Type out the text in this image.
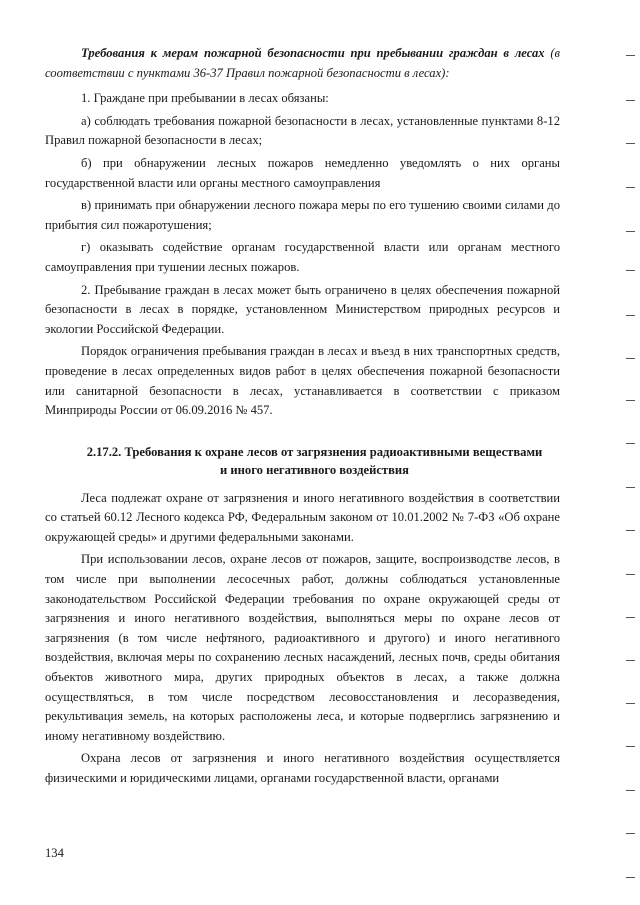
Требования к мерам пожарной безопасности при пребывании граждан в лесах (в соответствии с пунктами 36-37 Правил пожарной безопасности в лесах):

1. Граждане при пребывании в лесах обязаны:

а) соблюдать требования пожарной безопасности в лесах, установленные пунктами 8-12 Правил пожарной безопасности в лесах;

б) при обнаружении лесных пожаров немедленно уведомлять о них органы государственной власти или органы местного самоуправления

в) принимать при обнаружении лесного пожара меры по его тушению своими силами до прибытия сил пожаротушения;

г) оказывать содействие органам государственной власти или органам местного самоуправления при тушении лесных пожаров.

2. Пребывание граждан в лесах может быть ограничено в целях обеспечения пожарной безопасности в лесах в порядке, установленном Министерством природных ресурсов и экологии Российской Федерации.

Порядок ограничения пребывания граждан в лесах и въезд в них транспортных средств, проведение в лесах определенных видов работ в целях обеспечения пожарной безопасности или санитарной безопасности в лесах, устанавливается в соответствии с приказом Минприроды России от 06.09.2016 № 457.

2.17.2. Требования к охране лесов от загрязнения радиоактивными веществами
и иного негативного воздействия

Леса подлежат охране от загрязнения и иного негативного воздействия в соответствии со статьей 60.12 Лесного кодекса РФ, Федеральным законом от 10.01.2002 № 7-ФЗ «Об охране окружающей среды» и другими федеральными законами.

При использовании лесов, охране лесов от пожаров, защите, воспроизводстве лесов, в том числе при выполнении лесосечных работ, должны соблюдаться установленные законодательством Российской Федерации требования по охране окружающей среды от загрязнения и иного негативного воздействия, выполняться меры по охране лесов от загрязнения (в том числе нефтяного, радиоактивного и другого) и иного негативного воздействия, включая меры по сохранению лесных насаждений, лесных почв, среды обитания объектов животного мира, других природных объектов в лесах, а также должна осуществляться, в том числе посредством лесовосстановления и лесоразведения, рекультивация земель, на которых расположены леса, и которые подверглись загрязнению и иному негативному воздействию.

Охрана лесов от загрязнения и иного негативного воздействия осуществляется физическими и юридическими лицами, органами государственной власти, органами

134
